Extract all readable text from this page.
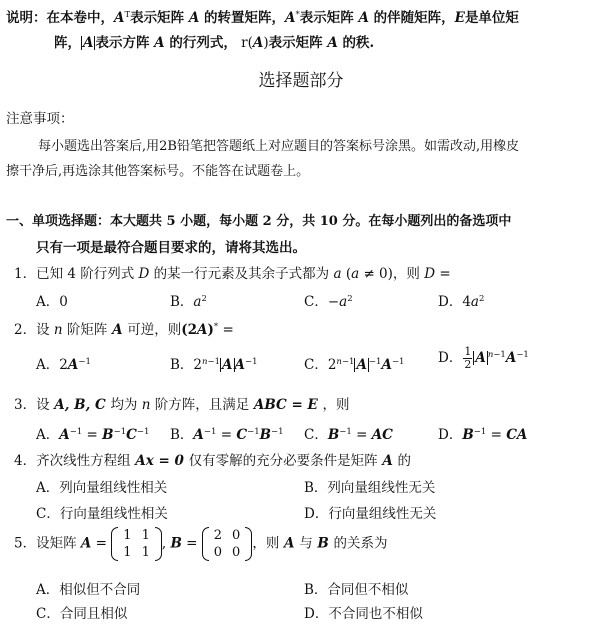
说明：在本卷中，$A^T$表示矩阵 A 的转置矩阵，A*表示矩阵 A 的伴随矩阵，E是单位矩
阵， A 表示方阵 A 的行列式， r(A)表示矩阵 A 的秩.
选择题部分
注意事项：
每小题选出答案后,用2B铅笔把答题纸上对应题目的答案标号涂黑。如需改动,用橡皮
擦干净后,再选涂其他答案标号。不能答在试题卷上。
一、单项选择题：本大题共 5 小题，每小题 2 分，共 10 分。在每小题列出的备选项中
只有一项是最符合题目要求的，请将其选出。
1．已知 4 阶行列式 D 的某一行元素及其余子式都为 a (a ≠ 0)，则 D =
A．0	B．$a^2$	C．$-a^2$	D．$4a^2$
2．设 n 阶矩阵 A 可逆，则(2A)* =
A．$2A^{-1}$	B．$2^{n-1}$ A $A^{-1}$	C．$2^{n-1}$ A $^{-1}A^{-1}$ D． $\frac{1}{2}$ A $^{n-1}A^{-1}$
3．设 A, B, C 均为 n 阶方阵，且满足 ABC = E ，则
A．$A^{-1} = B^{-1}C^{-1}$ B．$A^{-1} = C^{-1}B^{-1}$ C．$B^{-1}$ = AC	D．$B^{-1}$ = CA
4．齐次线性方程组 Ax = 0 仅有零解的充分必要条件是矩阵 A 的
A．列向量组线性相关	B．列向量组线性无关
C．行向量组线性相关	D．行向量组线性无关
5．设矩阵 A = 1	1
1	1
, B = 2	0
0	0
，则 A 与 B 的关系为
A．相似但不合同	B．合同但不相似
C．合同且相似	D．不合同也不相似
